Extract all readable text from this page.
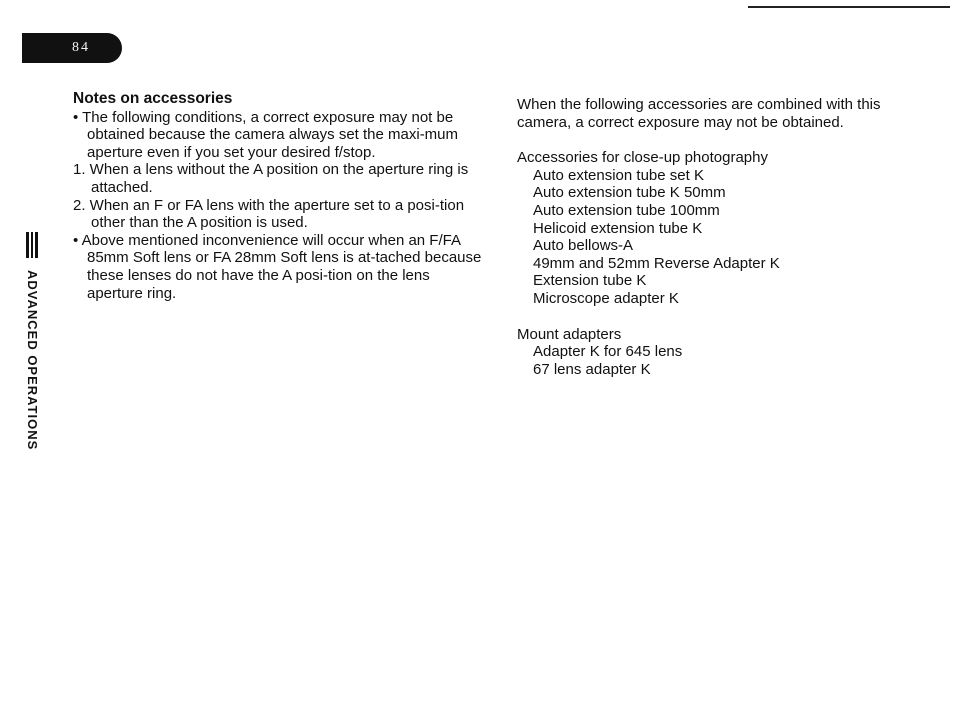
84
ADVANCED OPERATIONS
Notes on accessories

• The following conditions, a correct exposure may not be obtained because the camera always set the maxi-mum aperture even if you set your desired f/stop.

1. When a lens without the A position on the aperture ring is attached.

2. When an F or FA lens with the aperture set to a posi-tion other than the A position is used.

• Above mentioned inconvenience will occur when an F/FA 85mm Soft lens or FA 28mm Soft lens is at-tached because these lenses do not have the A posi-tion on the lens aperture ring.

When the following accessories are combined with this camera, a correct exposure may not be obtained.

Accessories for close-up photography

Auto extension tube set K
Auto extension tube K 50mm
Auto extension tube 100mm
Helicoid extension tube K
Auto bellows-A
49mm and 52mm Reverse Adapter K
Extension tube K
Microscope adapter K

Mount adapters

Adapter K for 645 lens
67 lens adapter K
